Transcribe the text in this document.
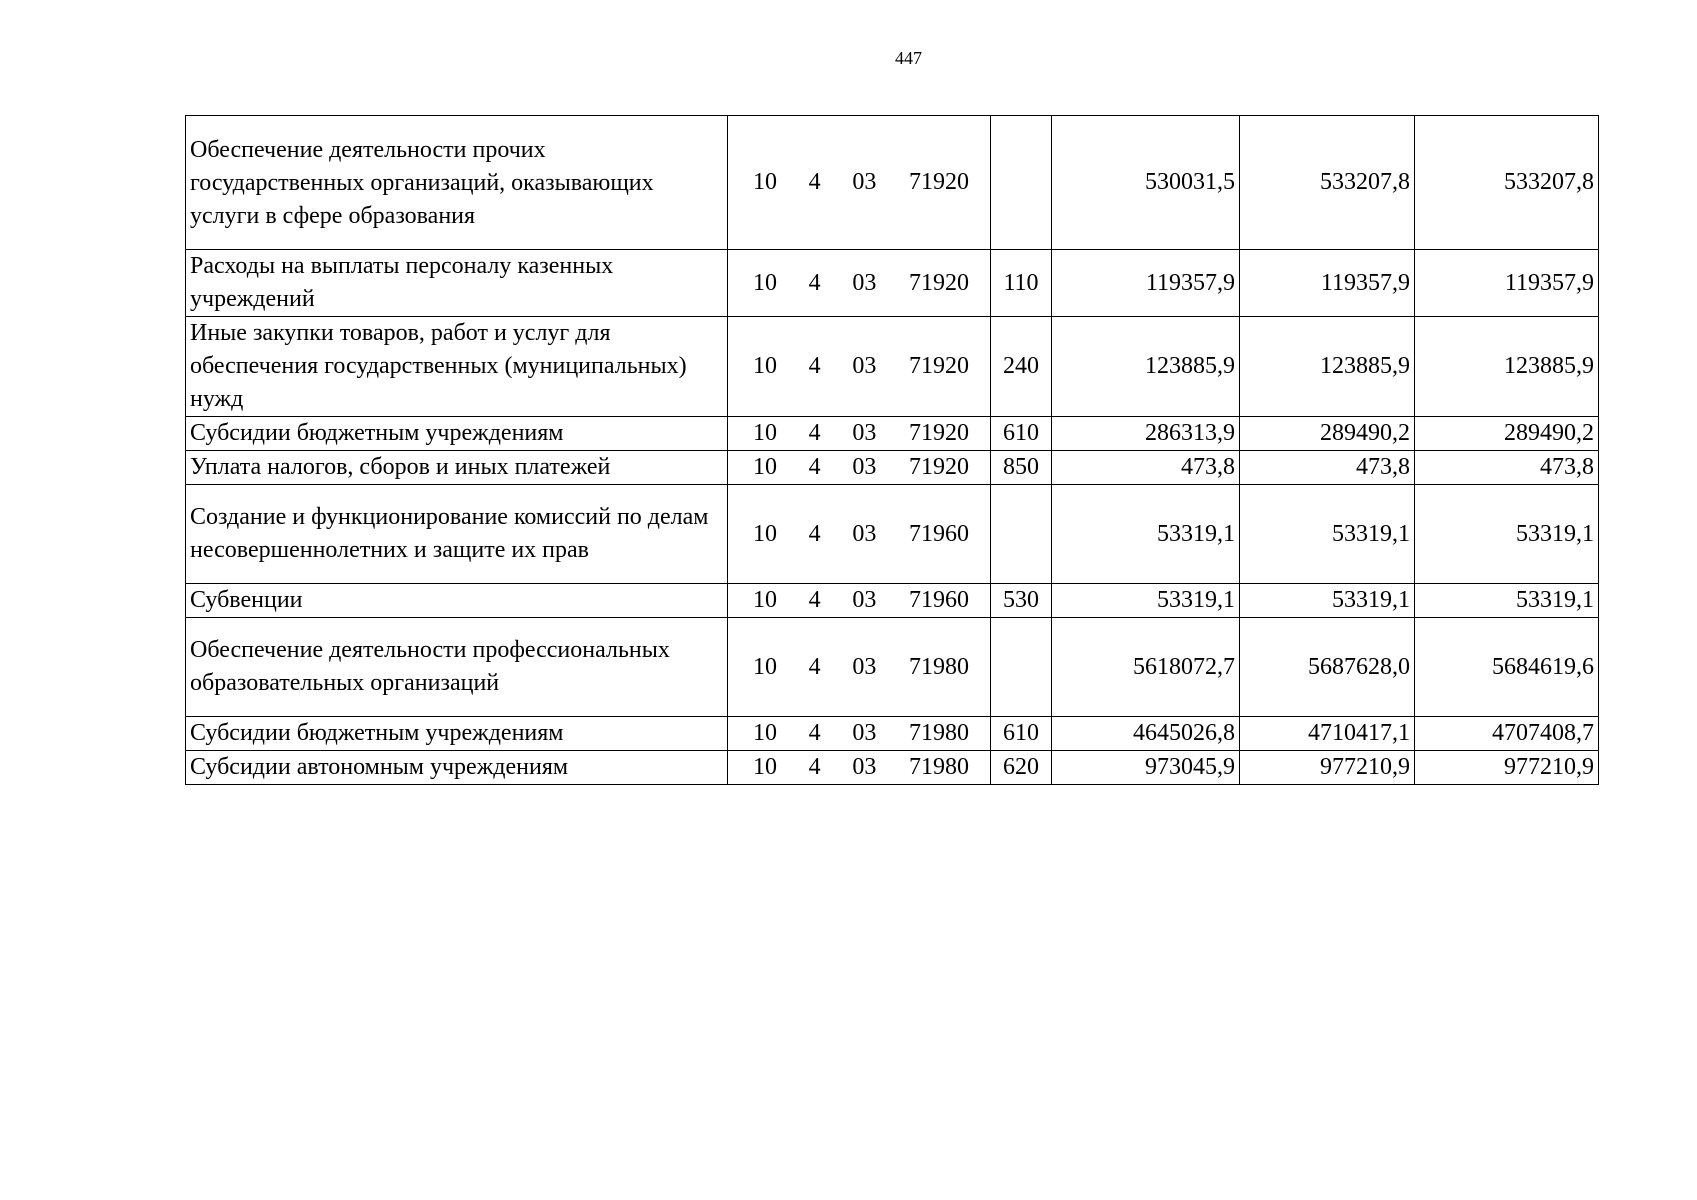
447
Обеспечение деятельности прочих государственных организаций, оказывающих услуги в сфере образования	10 4 03 71920		530031,5	533207,8	533207,8
Расходы на выплаты персоналу казенных учреждений	10 4 03 71920	110	119357,9	119357,9	119357,9
Иные закупки товаров, работ и услуг для обеспечения государственных (муниципальных) нужд	10 4 03 71920	240	123885,9	123885,9	123885,9
Субсидии бюджетным учреждениям	10 4 03 71920	610	286313,9	289490,2	289490,2
Уплата налогов, сборов и иных платежей	10 4 03 71920	850	473,8	473,8	473,8
Создание и функционирование комиссий по делам несовершеннолетних и защите их прав	10 4 03 71960		53319,1	53319,1	53319,1
Субвенции	10 4 03 71960	530	53319,1	53319,1	53319,1
Обеспечение деятельности профессиональных образовательных организаций	10 4 03 71980		5618072,7	5687628,0	5684619,6
Субсидии бюджетным учреждениям	10 4 03 71980	610	4645026,8	4710417,1	4707408,7
Субсидии автономным учреждениям	10 4 03 71980	620	973045,9	977210,9	977210,9
